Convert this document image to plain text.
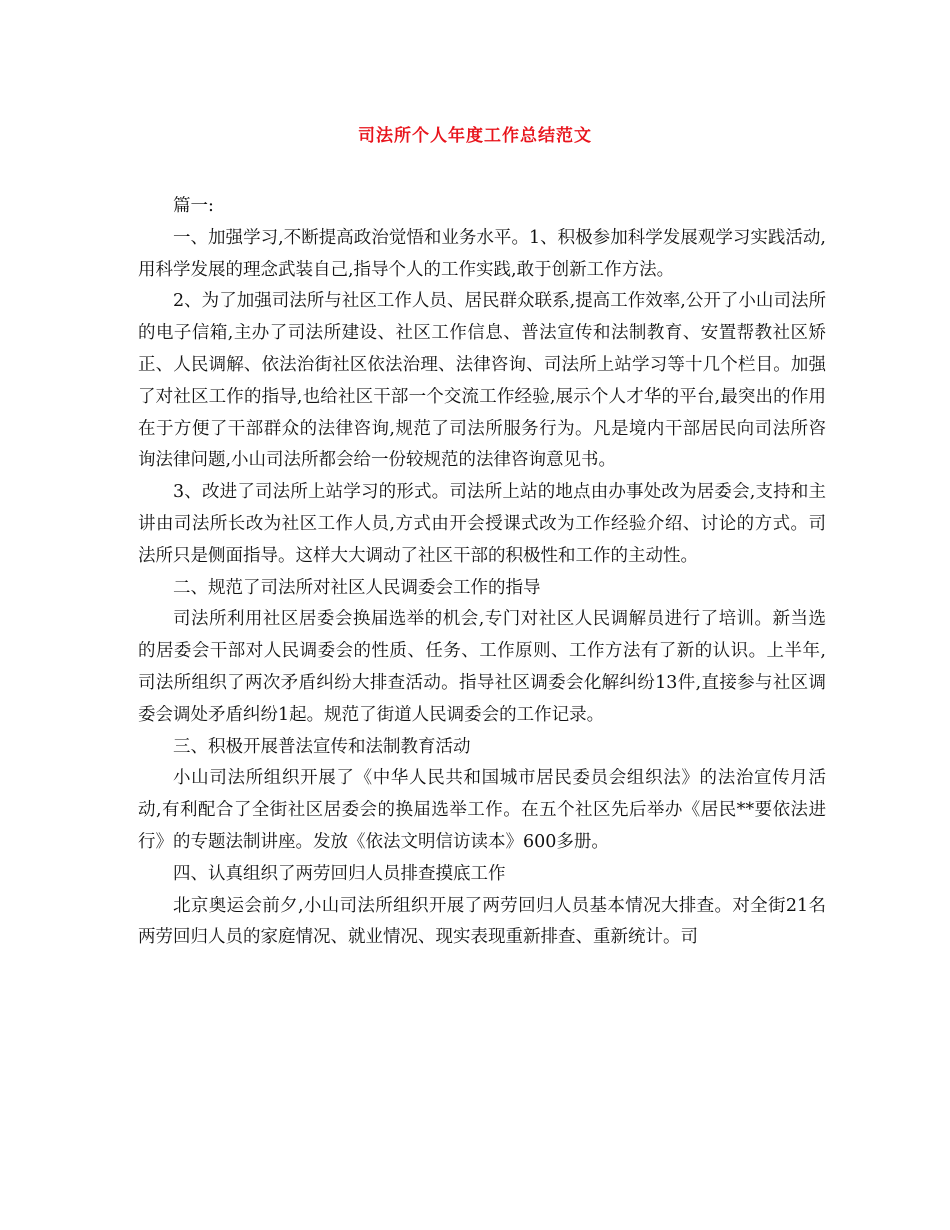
司法所个人年度工作总结范文

篇一:

一、加强学习,不断提高政治觉悟和业务水平。1、积极参加科学发展观学习实践活动,用科学发展的理念武装自己,指导个人的工作实践,敢于创新工作方法。

2、为了加强司法所与社区工作人员、居民群众联系,提高工作效率,公开了小山司法所的电子信箱,主办了司法所建设、社区工作信息、普法宣传和法制教育、安置帮教社区矫正、人民调解、依法治街社区依法治理、法律咨询、司法所上站学习等十几个栏目。加强了对社区工作的指导,也给社区干部一个交流工作经验,展示个人才华的平台,最突出的作用在于方便了干部群众的法律咨询,规范了司法所服务行为。凡是境内干部居民向司法所咨询法律问题,小山司法所都会给一份较规范的法律咨询意见书。

3、改进了司法所上站学习的形式。司法所上站的地点由办事处改为居委会,支持和主讲由司法所长改为社区工作人员,方式由开会授课式改为工作经验介绍、讨论的方式。司法所只是侧面指导。这样大大调动了社区干部的积极性和工作的主动性。

二、规范了司法所对社区人民调委会工作的指导

司法所利用社区居委会换届选举的机会,专门对社区人民调解员进行了培训。新当选的居委会干部对人民调委会的性质、任务、工作原则、工作方法有了新的认识。上半年,司法所组织了两次矛盾纠纷大排查活动。指导社区调委会化解纠纷13件,直接参与社区调委会调处矛盾纠纷1起。规范了街道人民调委会的工作记录。

三、积极开展普法宣传和法制教育活动

小山司法所组织开展了《中华人民共和国城市居民委员会组织法》的法治宣传月活动,有利配合了全街社区居委会的换届选举工作。在五个社区先后举办《居民**要依法进行》的专题法制讲座。发放《依法文明信访读本》600多册。

四、认真组织了两劳回归人员排查摸底工作

北京奥运会前夕,小山司法所组织开展了两劳回归人员基本情况大排查。对全街21名两劳回归人员的家庭情况、就业情况、现实表现重新排查、重新统计。司
